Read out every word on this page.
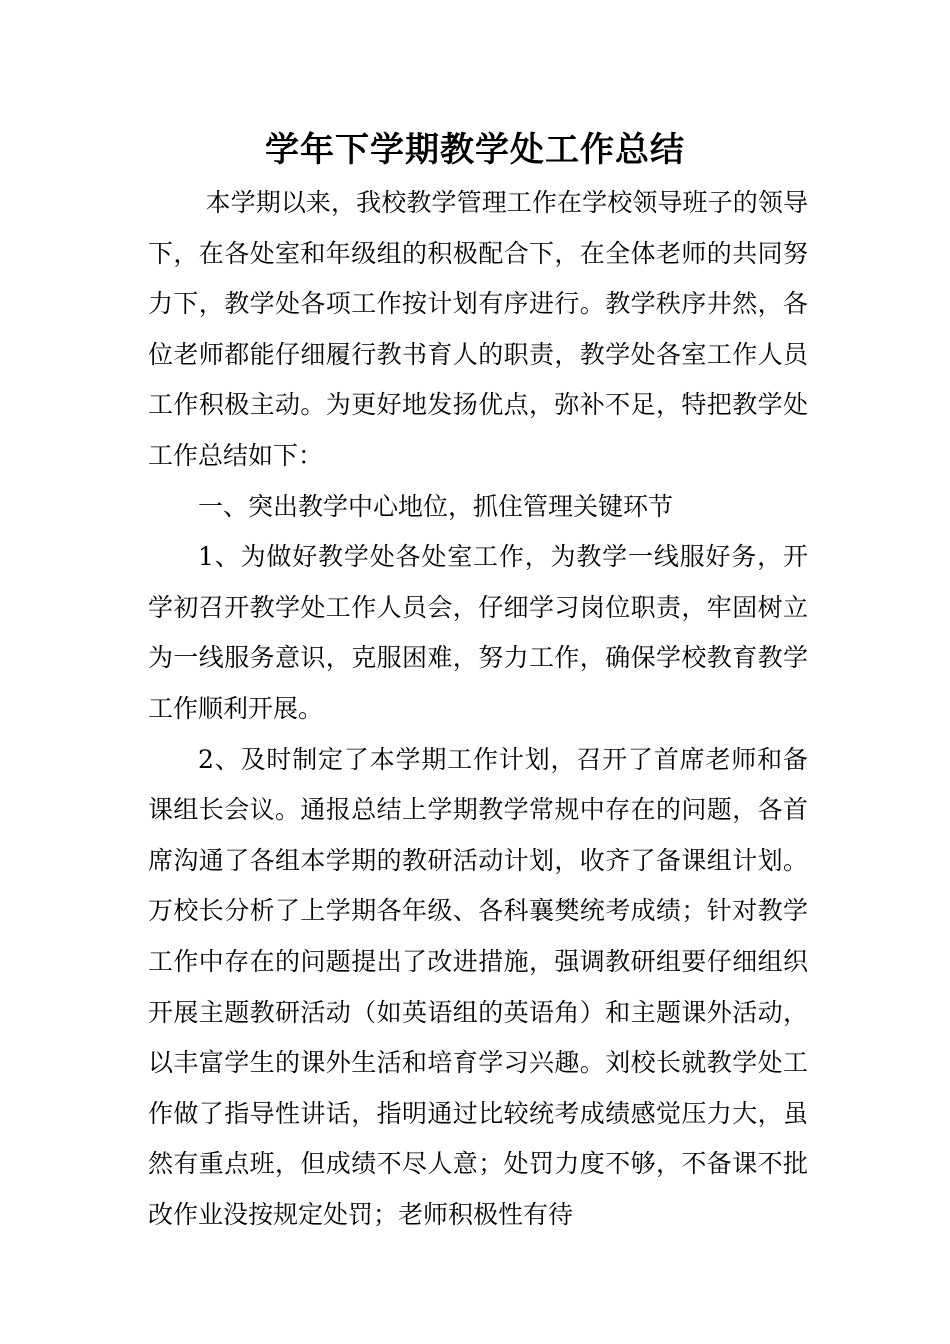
学年下学期教学处工作总结

本学期以来，我校教学管理工作在学校领导班子的领导下，在各处室和年级组的积极配合下，在全体老师的共同努力下，教学处各项工作按计划有序进行。教学秩序井然，各位老师都能仔细履行教书育人的职责，教学处各室工作人员工作积极主动。为更好地发扬优点，弥补不足，特把教学处工作总结如下：

一、突出教学中心地位，抓住管理关键环节

1、为做好教学处各处室工作，为教学一线服好务，开学初召开教学处工作人员会，仔细学习岗位职责，牢固树立为一线服务意识，克服困难，努力工作，确保学校教育教学工作顺利开展。

2、及时制定了本学期工作计划，召开了首席老师和备课组长会议。通报总结上学期教学常规中存在的问题，各首席沟通了各组本学期的教研活动计划，收齐了备课组计划。万校长分析了上学期各年级、各科襄樊统考成绩；针对教学工作中存在的问题提出了改进措施，强调教研组要仔细组织开展主题教研活动（如英语组的英语角）和主题课外活动，以丰富学生的课外生活和培育学习兴趣。刘校长就教学处工作做了指导性讲话，指明通过比较统考成绩感觉压力大，虽然有重点班，但成绩不尽人意；处罚力度不够，不备课不批改作业没按规定处罚；老师积极性有待
